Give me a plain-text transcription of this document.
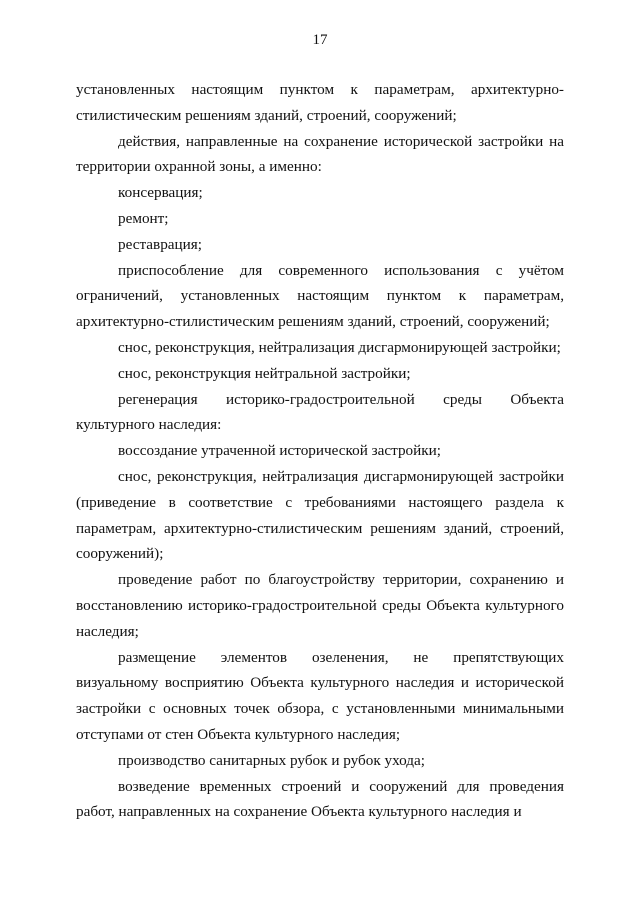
17

установленных настоящим пунктом к параметрам, архитектурно-стилистическим решениям зданий, строений, сооружений;

действия, направленные на сохранение исторической застройки на территории охранной зоны, а именно:

консервация;

ремонт;

реставрация;

приспособление для современного использования с учётом ограничений, установленных настоящим пунктом к параметрам, архитектурно-стилистическим решениям зданий, строений, сооружений;

снос, реконструкция, нейтрализация дисгармонирующей застройки;

снос, реконструкция нейтральной застройки;

регенерация историко-градостроительной среды Объекта культурного наследия:

воссоздание утраченной исторической застройки;

снос, реконструкция, нейтрализация дисгармонирующей застройки (приведение в соответствие с требованиями настоящего раздела к параметрам, архитектурно-стилистическим решениям зданий, строений, сооружений);

проведение работ по благоустройству территории, сохранению и восстановлению историко-градостроительной среды Объекта культурного наследия;

размещение элементов озеленения, не препятствующих визуальному восприятию Объекта культурного наследия и исторической застройки с основных точек обзора, с установленными минимальными отступами от стен Объекта культурного наследия;

производство санитарных рубок и рубок ухода;

возведение временных строений и сооружений для проведения работ, направленных на сохранение Объекта культурного наследия и
